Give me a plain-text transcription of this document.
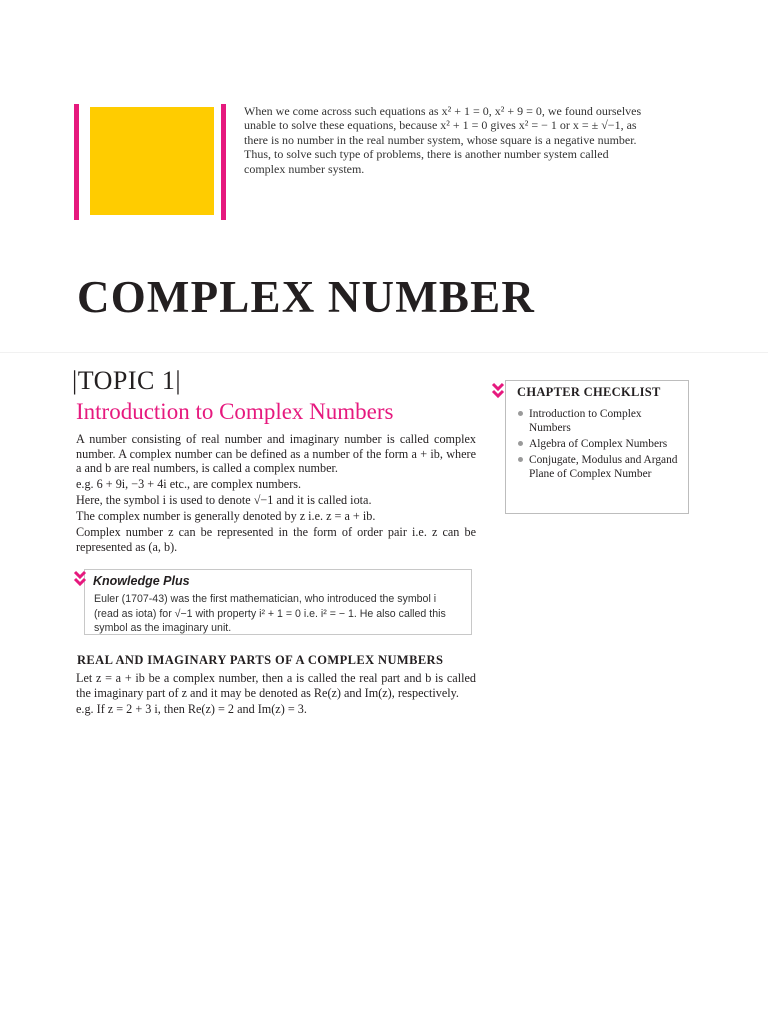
When we come across such equations as x² + 1 = 0, x² + 9 = 0, we found ourselves
unable to solve these equations, because x² + 1 = 0 gives x² = − 1 or x = ± √−1, as
there is no number in the real number system, whose square is a negative number.
Thus, to solve such type of problems, there is another number system called
complex number system.
COMPLEX NUMBER
|TOPIC 1|
Introduction to Complex Numbers

A number consisting of real number and imaginary number is called complex number. A complex number can be defined as a number of the form a + ib, where a and b are real numbers, is called a complex number.

e.g. 6 + 9i, −3 + 4i etc., are complex numbers.

Here, the symbol i is used to denote √−1 and it is called iota.

The complex number is generally denoted by z i.e. z = a + ib.

Complex number z can be represented in the form of order pair i.e. z can be represented as (a, b).

Knowledge Plus
Euler (1707-43) was the first mathematician, who introduced the symbol i
(read as iota) for √−1 with property i² + 1 = 0 i.e. i² = − 1. He also called this
symbol as the imaginary unit.
REAL AND IMAGINARY PARTS OF A COMPLEX NUMBERS

Let z = a + ib be a complex number, then a is called the real part and b is called the imaginary part of z and it may be denoted as Re(z) and Im(z), respectively.

e.g. If z = 2 + 3 i, then Re(z) = 2 and Im(z) = 3.

CHAPTER CHECKLIST
Introduction to Complex Numbers
Algebra of Complex Numbers
Conjugate, Modulus and Argand Plane of Complex Number
